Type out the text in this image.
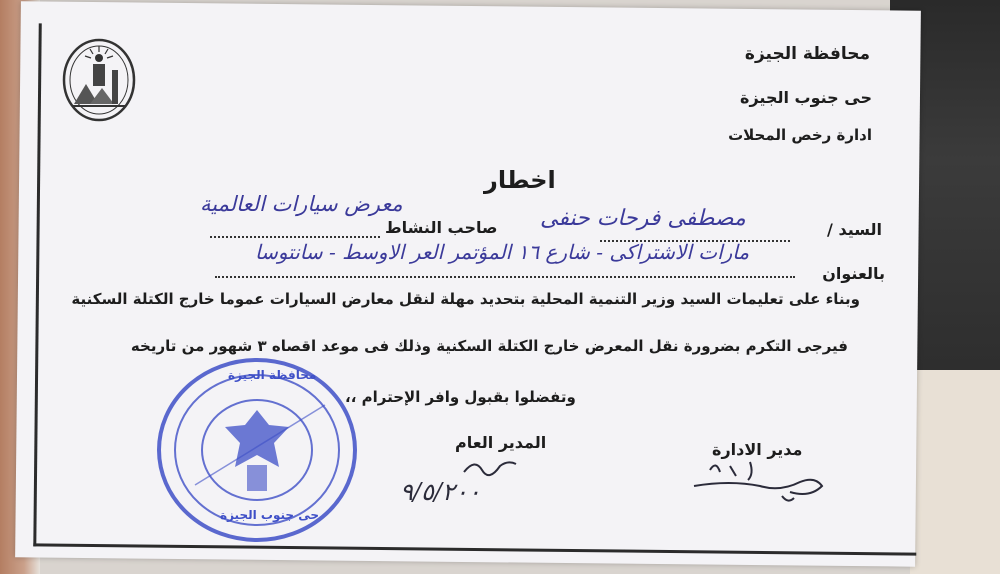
محافظة الجيزة
حى جنوب الجيزة
ادارة رخص المحلات
اخطار
السيد /
مصطفى فرحات حنفى
صاحب النشاط
معرض سيارات العالمية
بالعنوان
مارات الاشتراكى - شارع ١٦ المؤتمر العر الاوسط - سانتوسا
وبناء على تعليمات السيد وزير التنمية المحلية بتحديد مهلة لنقل معارض السيارات عموما خارج الكتلة السكنية
فيرجى التكرم بضرورة نقل المعرض خارج الكتلة السكنية وذلك فى موعد اقصاه ٣ شهور من تاريخه
وتفضلوا بقبول وافر الإحترام ،،
المدير العام	مدير الادارة
٩/٥/٢٠٠
محافظة الجيزة
حى جنوب الجيزة
